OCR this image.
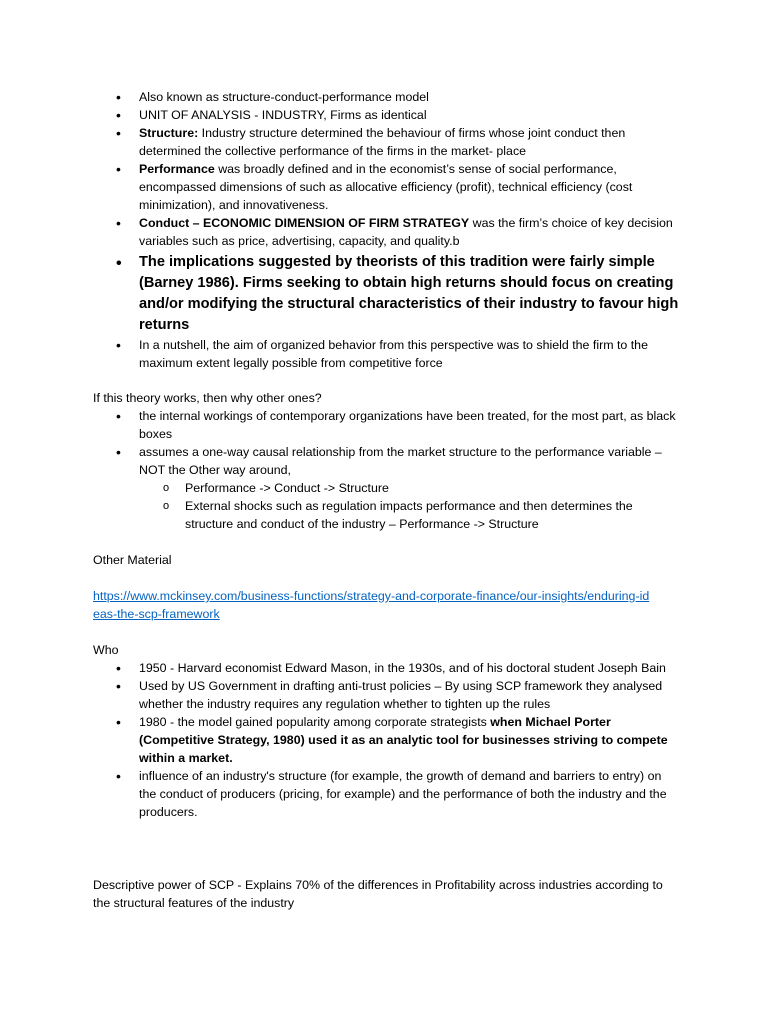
• Also known as structure-conduct-performance model
• UNIT OF ANALYSIS - INDUSTRY, Firms as identical
• Structure: Industry structure determined the behaviour of firms whose joint conduct then determined the collective performance of the firms in the market- place
• Performance was broadly defined and in the economist’s sense of social performance, encompassed dimensions of such as allocative efficiency (profit), technical efficiency (cost minimization), and innovativeness.
• Conduct – ECONOMIC DIMENSION OF FIRM STRATEGY was the firm’s choice of key decision variables such as price, advertising, capacity, and quality.b
• The implications suggested by theorists of this tradition were fairly simple (Barney 1986). Firms seeking to obtain high returns should focus on creating and/or modifying the structural characteristics of their industry to favour high returns
• In a nutshell, the aim of organized behavior from this perspective was to shield the firm to the maximum extent legally possible from competitive force
If this theory works, then why other ones?
• the internal workings of contemporary organizations have been treated, for the most part, as black boxes
• assumes a one-way causal relationship from the market structure to the performance variable – NOT the Other way around,
o Performance -> Conduct -> Structure
o External shocks such as regulation impacts performance and then determines the structure and conduct of the industry – Performance -> Structure
Other Material
https://www.mckinsey.com/business-functions/strategy-and-corporate-finance/our-insights/enduring-ideas-the-scp-framework
Who
• 1950 - Harvard economist Edward Mason, in the 1930s, and of his doctoral student Joseph Bain
• Used by US Government in drafting anti-trust policies – By using SCP framework they analysed whether the industry requires any regulation whether to tighten up the rules
• 1980 - the model gained popularity among corporate strategists when Michael Porter (Competitive Strategy, 1980) used it as an analytic tool for businesses striving to compete within a market.
• influence of an industry's structure (for example, the growth of demand and barriers to entry) on the conduct of producers (pricing, for example) and the performance of both the industry and the producers.
Descriptive power of SCP - Explains 70% of the differences in Profitability across industries according to the structural features of the industry
